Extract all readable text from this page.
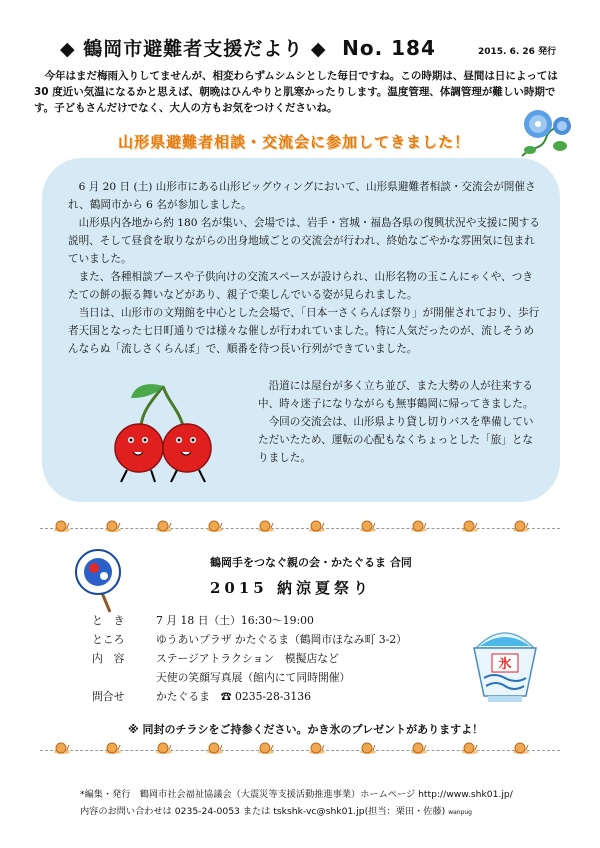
◆ 鶴岡市避難者支援だより ◆ No. 184	2015. 6. 26 発行
今年はまだ梅雨入りしてませんが、相変わらずムシムシとした毎日ですね。この時期は、昼間は日によっては 30 度近い気温になるかと思えば、朝晩はひんやりと肌寒かったりします。温度管理、体調管理が難しい時期です。子どもさんだけでなく、大人の方もお気をつけくださいね。
山形県避難者相談・交流会に参加してきました！
6 月 20 日 (土) 山形市にある山形ビッグウィングにおいて、山形県避難者相談・交流会が開催され、鶴岡市から 6 名が参加しました。
山形県内各地から約 180 名が集い、会場では、岩手・宮城・福島各県の復興状況や支援に関する説明、そして昼食を取りながらの出身地域ごとの交流会が行われ、終始なごやかな雰囲気に包まれていました。
また、各種相談ブースや子供向けの交流スペースが設けられ、山形名物の玉こんにゃくや、つきたての餅の振る舞いなどがあり、親子で楽しんでいる姿が見られました。
当日は、山形市の文翔館を中心とした会場で、「日本一さくらんぼ祭り」が開催されており、歩行者天国となった七日町通りでは様々な催しが行われていました。特に人気だったのが、流しそうめんならぬ「流しさくらんぼ」で、順番を待つ長い行列ができていました。
沿道には屋台が多く立ち並び、また大勢の人が往来する中、時々迷子になりながらも無事鶴岡に帰ってきました。
今回の交流会は、山形県より貸し切りバスを準備していただいたため、運転の心配もなくちょっとした「旅」となりました。
鶴岡手をつなぐ親の会・かたぐるま 合同
2015 納涼夏祭り
と　き	7 月 18 日（土）16:30〜19:00
ところ	ゆうあいプラザ かたぐるま（鶴岡市ほなみ町 3-2）
内　容	ステージアトラクション　模擬店など
天使の笑顔写真展（館内にて同時開催）
問合せ	かたぐるま　☎ 0235-28-3136
氷
※ 同封のチラシをご持参ください。かき氷のプレゼントがありますよ！
*編集・発行　鶴岡市社会福祉協議会（大震災等支援活動推進事業）ホームページ http://www.shk01.jp/
内容のお問い合わせは 0235-24-0053 または tskshk-vc@shk01.jp(担当：栗田・佐藤) wanpug
